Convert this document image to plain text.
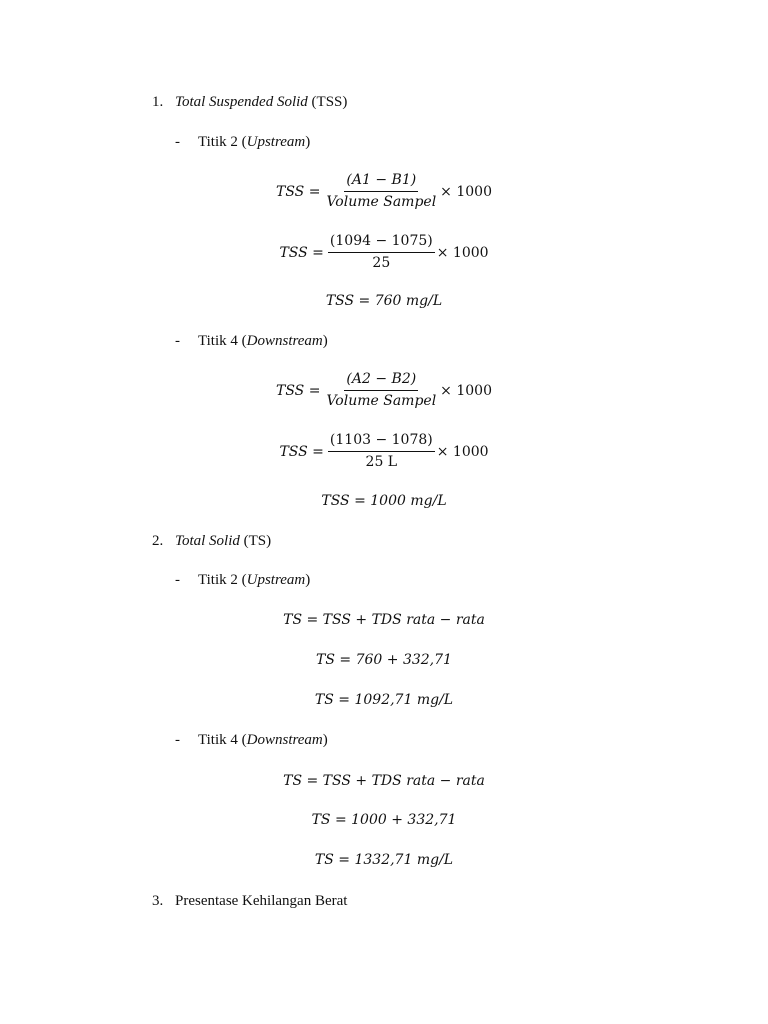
1. Total Suspended Solid (TSS)
- Titik 2 (Upstream)
TSS = $\frac{(A1 - B1)}{\text{Volume Sampel}} \times 1000$
TSS = $\frac{(1094 - 1075)}{25} \times 1000$
TSS = 760 mg/L
- Titik 4 (Downstream)
TSS = $\frac{(A2 - B2)}{\text{Volume Sampel}} \times 1000$
TSS = $\frac{(1103 - 1078)}{25 L} \times 1000$
TSS = 1000 mg/L
2. Total Solid (TS)
- Titik 2 (Upstream)
TS = TSS + TDS rata − rata
TS = 760 + 332,71
TS = 1092,71 mg/L
- Titik 4 (Downstream)
TS = TSS + TDS rata − rata
TS = 1000 + 332,71
TS = 1332,71 mg/L
3. Presentase Kehilangan Berat
